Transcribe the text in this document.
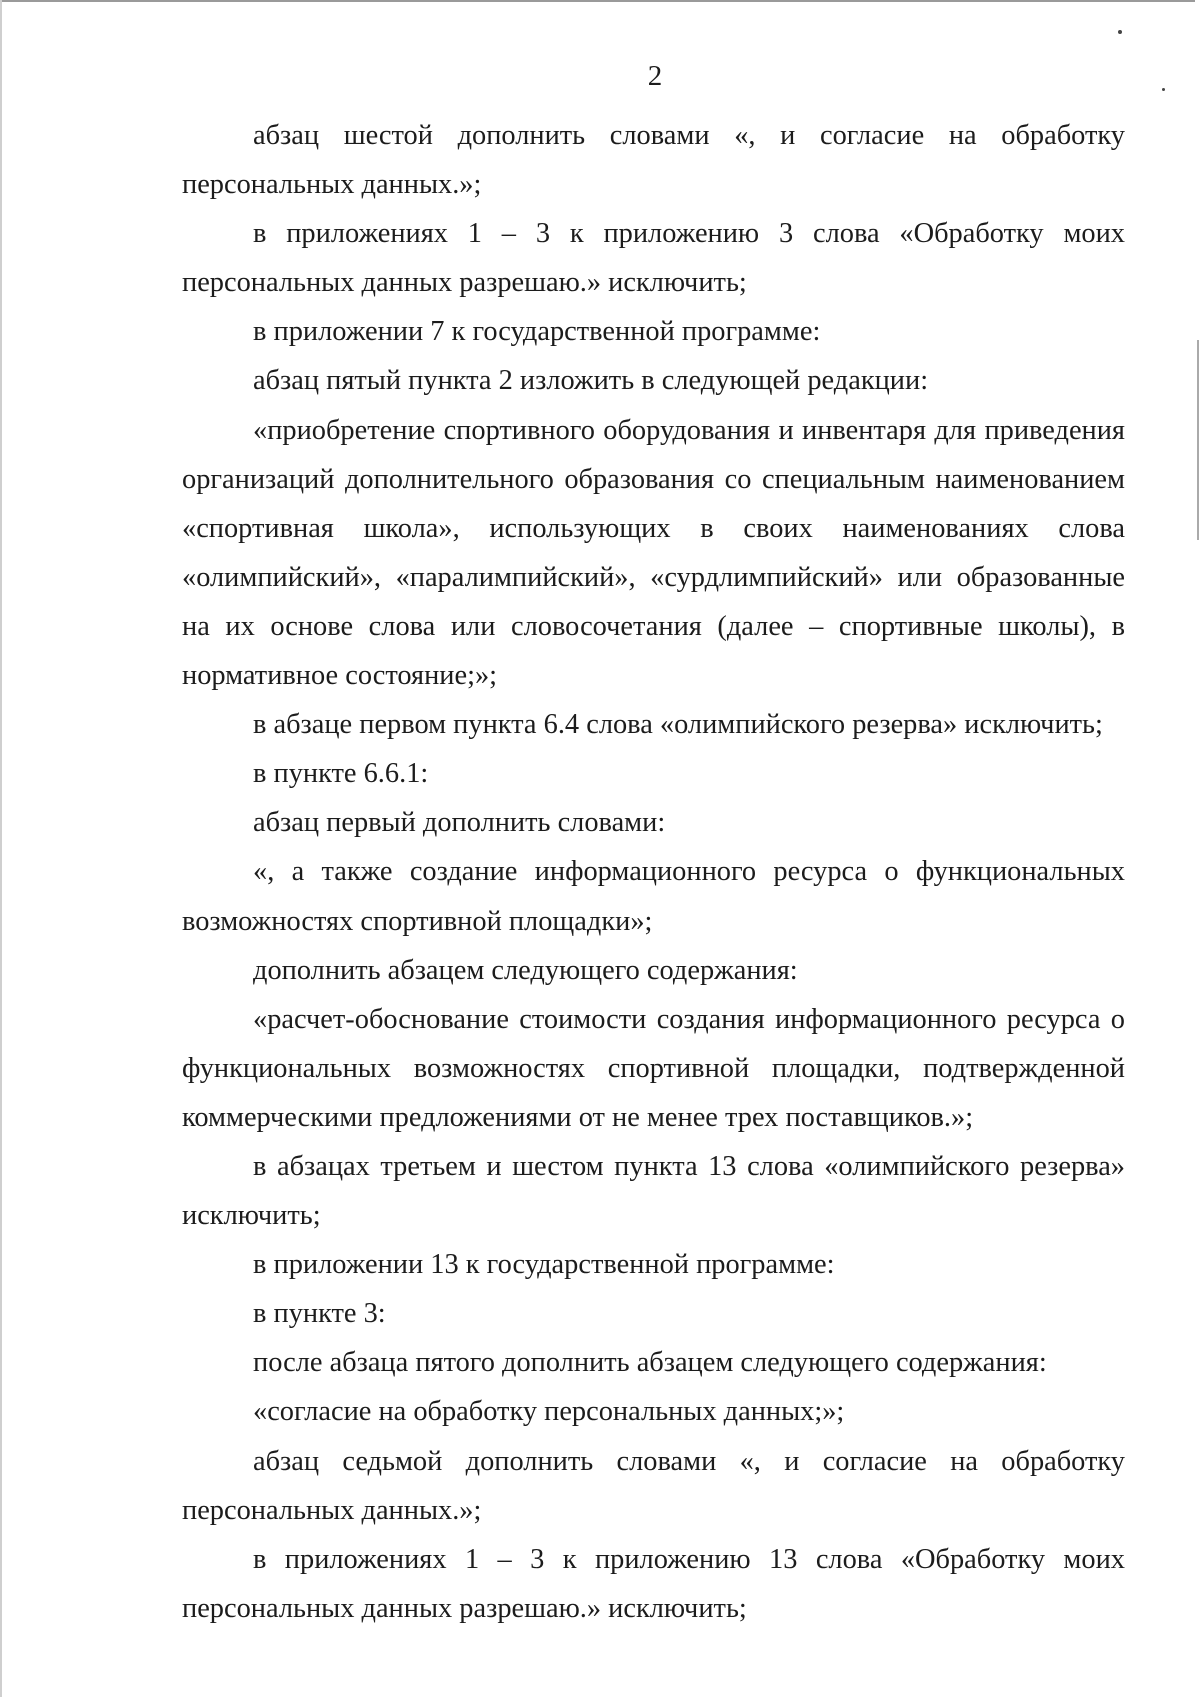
2

абзац шестой дополнить словами «, и согласие на обработку персональных данных.»;

в приложениях 1 – 3 к приложению 3 слова «Обработку моих персональных данных разрешаю.» исключить;

в приложении 7 к государственной программе:

абзац пятый пункта 2 изложить в следующей редакции:

«приобретение спортивного оборудования и инвентаря для приведения организаций дополнительного образования со специальным наименованием «спортивная школа», использующих в своих наименованиях слова «олимпийский», «паралимпийский», «сурдлимпийский» или образованные на их основе слова или словосочетания (далее – спортивные школы), в нормативное состояние;»;

в абзаце первом пункта 6.4 слова «олимпийского резерва» исключить;

в пункте 6.6.1:

абзац первый дополнить словами:

«, а также создание информационного ресурса о функциональных возможностях спортивной площадки»;

дополнить абзацем следующего содержания:

«расчет-обоснование стоимости создания информационного ресурса о функциональных возможностях спортивной площадки, подтвержденной коммерческими предложениями от не менее трех поставщиков.»;

в абзацах третьем и шестом пункта 13 слова «олимпийского резерва» исключить;

в приложении 13 к государственной программе:

в пункте 3:

после абзаца пятого дополнить абзацем следующего содержания:

«согласие на обработку персональных данных;»;

абзац седьмой дополнить словами «, и согласие на обработку персональных данных.»;

в приложениях 1 – 3 к приложению 13 слова «Обработку моих персональных данных разрешаю.» исключить;
